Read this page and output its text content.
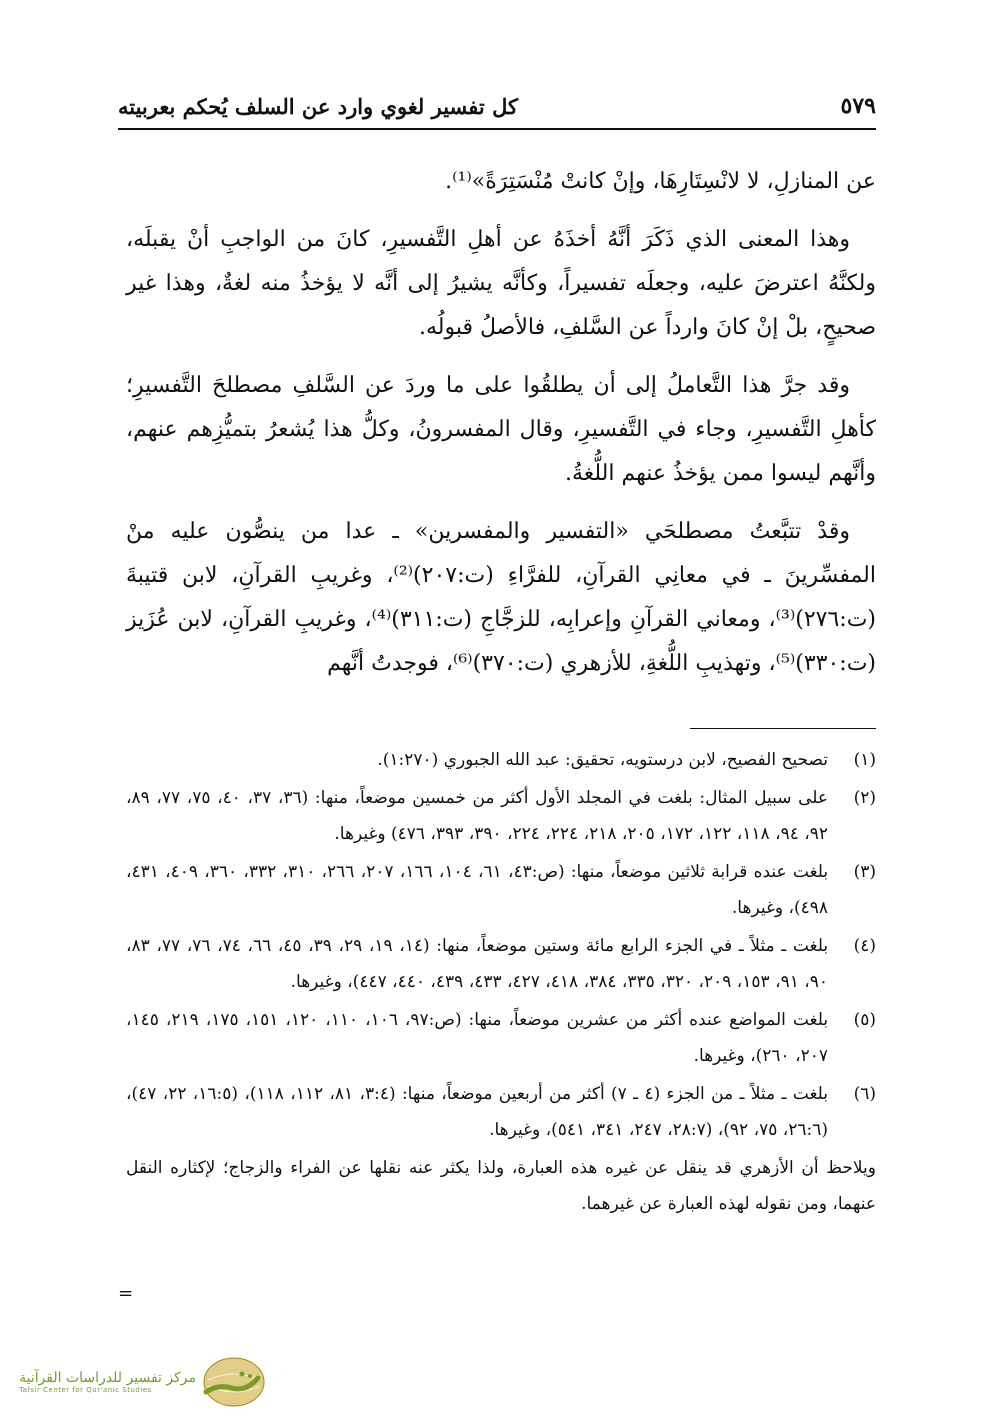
كل تفسير لغوي وارد عن السلف يُحكم بعربيته	٥٧٩

عن المنازلِ، لا لانْسِتَارِهَا، وإنْ كانتْ مُنْسَتِرَةً»⁽¹⁾.

وهذا المعنى الذي ذَكَرَ أنَّهُ أخذَهُ عن أهلِ التَّفسيرِ، كانَ من الواجبِ أنْ يقبلَه، ولكنَّهُ اعترضَ عليه، وجعلَه تفسيراً، وكأنَّه يشيرُ إلى أنَّه لا يؤخذُ منه لغةٌ، وهذا غير صحيحٍ، بلْ إنْ كانَ وارداً عن السَّلفِ، فالأصلُ قبولُه.

وقد جرَّ هذا التَّعاملُ إلى أن يطلقُوا على ما وردَ عن السَّلفِ مصطلحَ التَّفسيرِ؛ كأهلِ التَّفسيرِ، وجاء في التَّفسيرِ، وقال المفسرونُ، وكلُّ هذا يُشعرُ بتميُّزِهم عنهم، وأنَّهم ليسوا ممن يؤخذُ عنهم اللُّغةُ.

وقدْ تتبَّعتُ مصطلحَي «التفسير والمفسرين» ـ عدا من ينصُّون عليه منْ المفسِّرينَ ـ في معانِي القرآنِ، للفرَّاءِ (ت:٢٠٧)⁽²⁾، وغريبِ القرآنِ، لابن قتيبةَ (ت:٢٧٦)⁽³⁾، ومعاني القرآنِ وإعرابِه، للزجَّاجِ (ت:٣١١)⁽⁴⁾، وغريبِ القرآنِ، لابن عُزَيز (ت:٣٣٠)⁽⁵⁾، وتهذيبِ اللُّغةِ، للأزهري (ت:٣٧٠)⁽⁶⁾، فوجدتُ أنَّهم

(١)
تصحيح الفصيح، لابن درستويه، تحقيق: عبد الله الجبوري (١:٢٧٠).
(٢)
على سبيل المثال: بلغت في المجلد الأول أكثر من خمسين موضعاً، منها: (٣٦، ٣٧، ٤٠، ٧٥، ٧٧، ٨٩، ٩٢، ٩٤، ١١٨، ١٢٢، ١٧٢، ٢٠٥، ٢١٨، ٢٢٤، ٢٢٤، ٣٩٠، ٣٩٣، ٤٧٦) وغيرها.
(٣)
بلغت عنده قرابة ثلاثين موضعاً، منها: (ص:٤٣، ٦١، ١٠٤، ١٦٦، ٢٠٧، ٢٦٦، ٣١٠، ٣٣٢، ٣٦٠، ٤٠٩، ٤٣١، ٤٩٨)، وغيرها.
(٤)
بلغت ـ مثلاً ـ في الجزء الرابع مائة وستين موضعاً، منها: (١٤، ١٩، ٢٩، ٣٩، ٤٥، ٦٦، ٧٤، ٧٦، ٧٧، ٨٣، ٩٠، ٩١، ١٥٣، ٢٠٩، ٣٢٠، ٣٣٥، ٣٨٤، ٤١٨، ٤٢٧، ٤٣٣، ٤٣٩، ٤٤٠، ٤٤٧)، وغيرها.
(٥)
بلغت المواضع عنده أكثر من عشرين موضعاً، منها: (ص:٩٧، ١٠٦، ١١٠، ١٢٠، ١٥١، ١٧٥، ٢١٩، ١٤٥، ٢٠٧، ٢٦٠)، وغيرها.
(٦)
بلغت ـ مثلاً ـ من الجزء (٤ ـ ٧) أكثر من أربعين موضعاً، منها: (٣:٤، ٨١، ١١٢، ١١٨)، (١٦:٥، ٢٢، ٤٧)، (٢٦:٦، ٧٥، ٩٢)، (٢٨:٧، ٢٤٧، ٣٤١، ٥٤١)، وغيرها.
ويلاحظ أن الأزهري قد ينقل عن غيره هذه العبارة، ولذا يكثر عنه نقلها عن الفراء والزجاج؛ لإكثاره النقل عنهما، ومن نقوله لهذه العبارة عن غيرهما.
=
مركز تفسير للدراسات القرآنية
Tafsir Center for Qur'anic Studies
